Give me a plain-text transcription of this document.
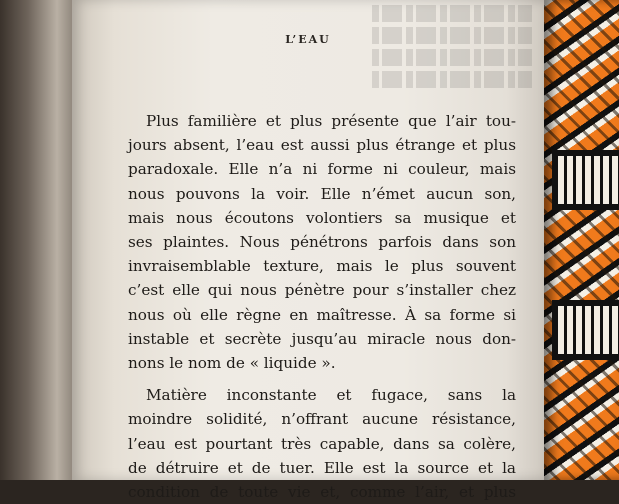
L’EAU
Plus familière et plus présente que l’air tou-
jours absent, l’eau est aussi plus étrange et plus
paradoxale. Elle n’a ni forme ni couleur, mais
nous pouvons la voir. Elle n’émet aucun son,
mais nous écoutons volontiers sa musique et
ses plaintes. Nous pénétrons parfois dans son
invraisemblable texture, mais le plus souvent
c’est elle qui nous pénètre pour s’installer chez
nous où elle règne en maîtresse. À sa forme si
instable et secrète jusqu’au miracle nous don-
nons le nom de « liquide ».
Matière inconstante et fugace, sans la
moindre solidité, n’offrant aucune résistance,
l’eau est pourtant très capable, dans sa colère,
de détruire et de tuer. Elle est la source et la
condition de toute vie et, comme l’air, et plus
